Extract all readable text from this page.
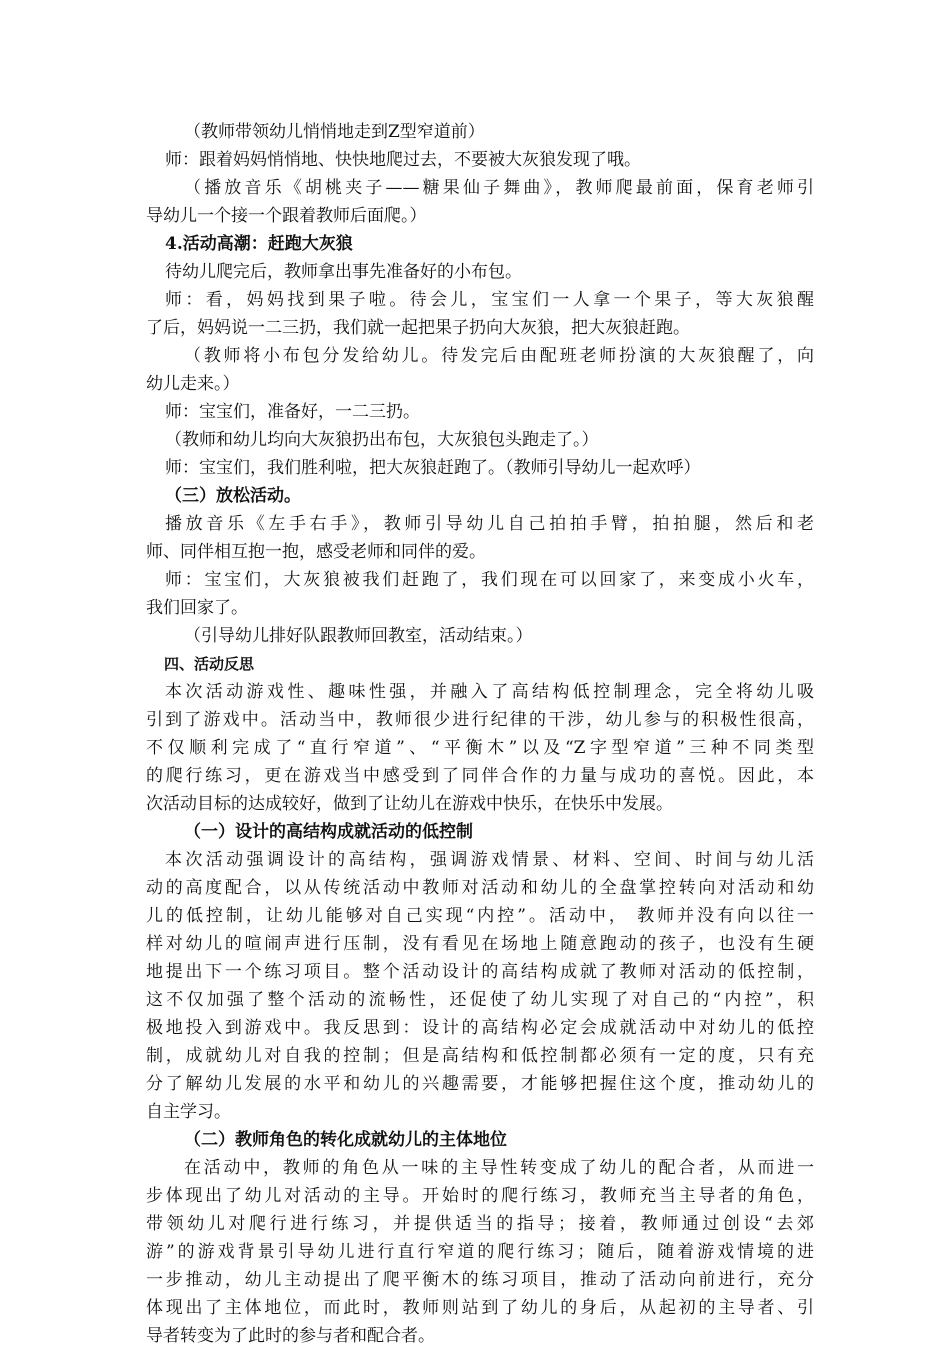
（教师带领幼儿悄悄地走到Z型窄道前）
师：跟着妈妈悄悄地、快快地爬过去，不要被大灰狼发现了哦。
（播放音乐《胡桃夹子——糖果仙子舞曲》，教师爬最前面，保育老师引
导幼儿一个接一个跟着教师后面爬。）
4.活动高潮：赶跑大灰狼
待幼儿爬完后，教师拿出事先准备好的小布包。
师：看，妈妈找到果子啦。待会儿，宝宝们一人拿一个果子，等大灰狼醒
了后，妈妈说一二三扔，我们就一起把果子扔向大灰狼，把大灰狼赶跑。
（教师将小布包分发给幼儿。待发完后由配班老师扮演的大灰狼醒了，向
幼儿走来。）
师：宝宝们，准备好，一二三扔。
（教师和幼儿均向大灰狼扔出布包，大灰狼包头跑走了。）
师：宝宝们，我们胜利啦，把大灰狼赶跑了。（教师引导幼儿一起欢呼）
（三）放松活动。
播放音乐《左手右手》，教师引导幼儿自己拍拍手臂，拍拍腿，然后和老
师、同伴相互抱一抱，感受老师和同伴的爱。
师：宝宝们，大灰狼被我们赶跑了，我们现在可以回家了，来变成小火车，
我们回家了。
（引导幼儿排好队跟教师回教室，活动结束。）
四、活动反思
本次活动游戏性、趣味性强，并融入了高结构低控制理念，完全将幼儿吸
引到了游戏中。活动当中，教师很少进行纪律的干涉，幼儿参与的积极性很高，
不仅顺利完成了“直行窄道”、“平衡木”以及“Z字型窄道”三种不同类型
的爬行练习，更在游戏当中感受到了同伴合作的力量与成功的喜悦。因此，本
次活动目标的达成较好，做到了让幼儿在游戏中快乐，在快乐中发展。
（一）设计的高结构成就活动的低控制
本次活动强调设计的高结构，强调游戏情景、材料、空间、时间与幼儿活
动的高度配合，以从传统活动中教师对活动和幼儿的全盘掌控转向对活动和幼
儿的低控制，让幼儿能够对自己实现“内控”。活动中， 教师并没有向以往一
样对幼儿的喧闹声进行压制，没有看见在场地上随意跑动的孩子，也没有生硬
地提出下一个练习项目。整个活动设计的高结构成就了教师对活动的低控制，
这不仅加强了整个活动的流畅性，还促使了幼儿实现了对自己的“内控”，积
极地投入到游戏中。我反思到：设计的高结构必定会成就活动中对幼儿的低控
制，成就幼儿对自我的控制；但是高结构和低控制都必须有一定的度，只有充
分了解幼儿发展的水平和幼儿的兴趣需要，才能够把握住这个度，推动幼儿的
自主学习。
（二）教师角色的转化成就幼儿的主体地位
在活动中，教师的角色从一味的主导性转变成了幼儿的配合者，从而进一
步体现出了幼儿对活动的主导。开始时的爬行练习，教师充当主导者的角色，
带领幼儿对爬行进行练习，并提供适当的指导；接着，教师通过创设“去郊
游”的游戏背景引导幼儿进行直行窄道的爬行练习；随后，随着游戏情境的进
一步推动，幼儿主动提出了爬平衡木的练习项目，推动了活动向前进行，充分
体现出了主体地位，而此时，教师则站到了幼儿的身后，从起初的主导者、引
导者转变为了此时的参与者和配合者。
